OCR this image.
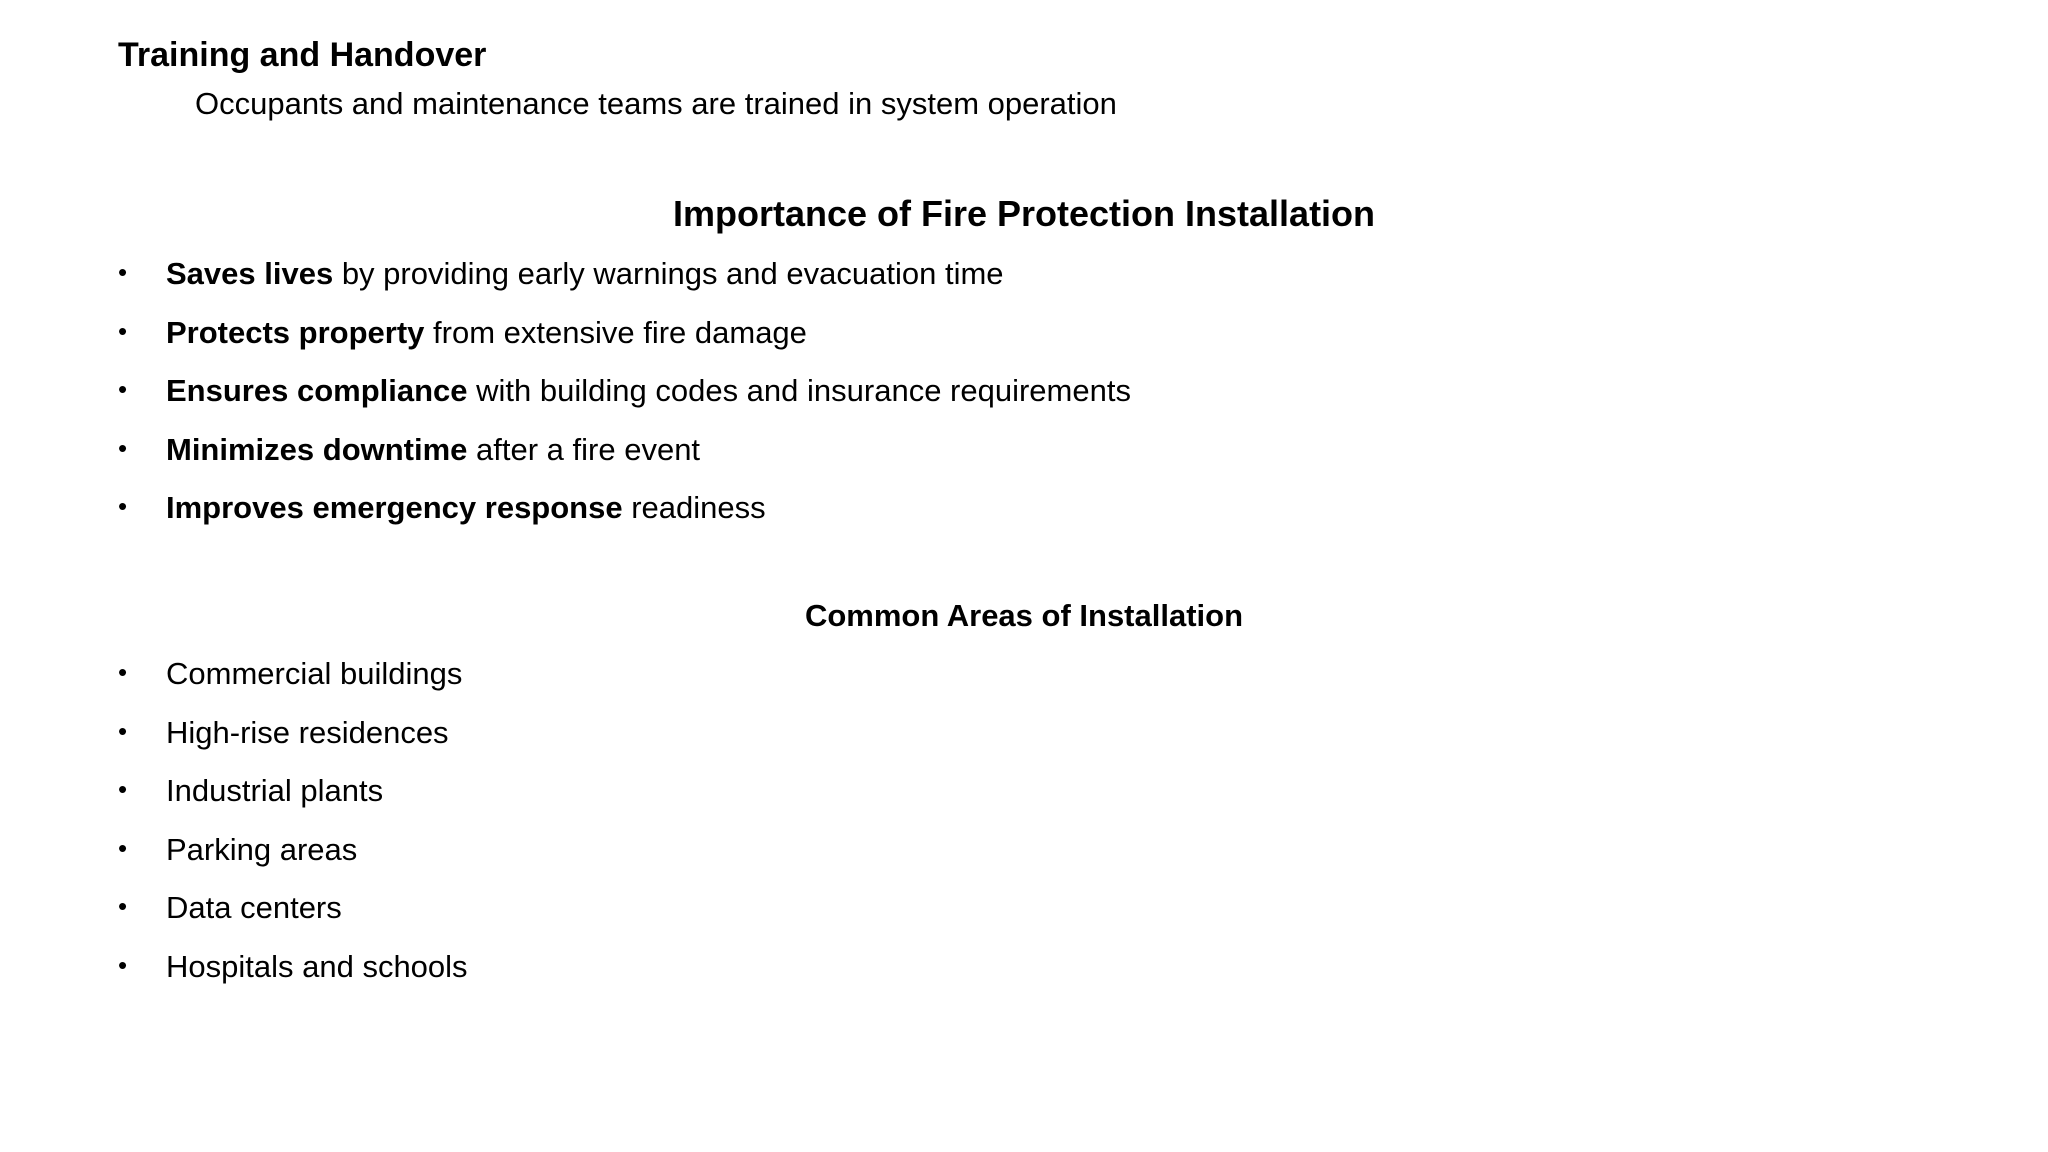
Training and Handover
Occupants and maintenance teams are trained in system operation
Importance of Fire Protection Installation
•	Saves lives by providing early warnings and evacuation time
•	Protects property from extensive fire damage
•	Ensures compliance with building codes and insurance requirements
•	Minimizes downtime after a fire event
•	Improves emergency response readiness
Common Areas of Installation
•	Commercial buildings
•	High-rise residences
•	Industrial plants
•	Parking areas
•	Data centers
•	Hospitals and schools
